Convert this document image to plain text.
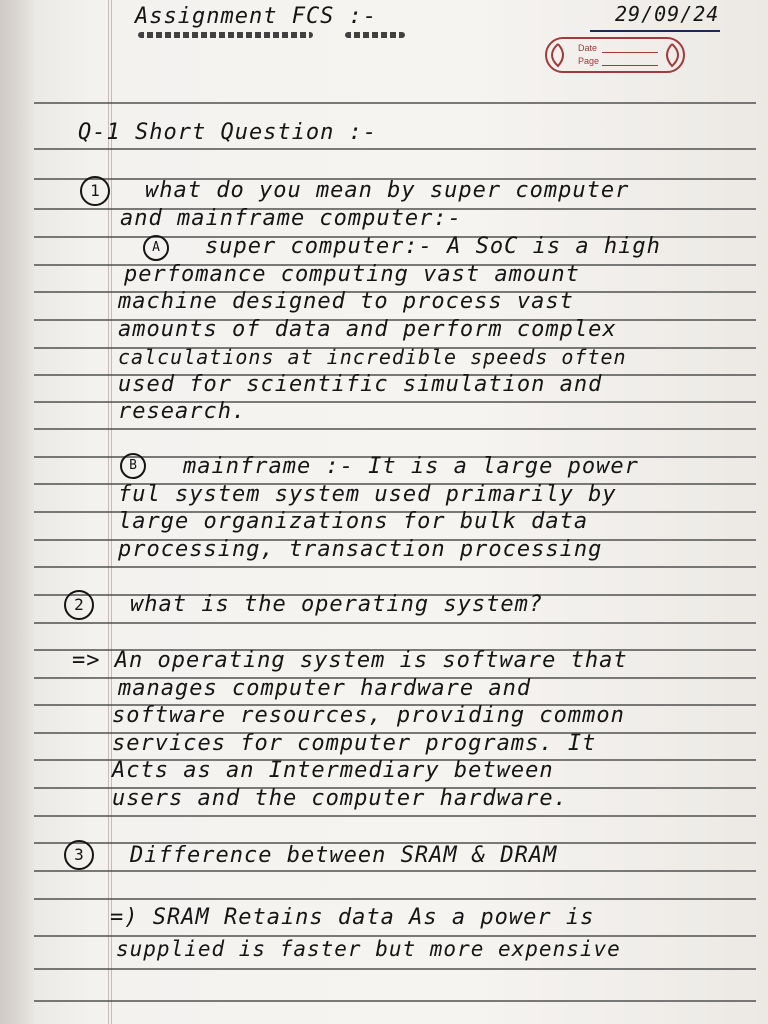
Assignment FCS :-	29/09/24
Date
Page
Q-1 Short Question :-
1	what do you mean by super computer
and mainframe computer:-
A	super computer:- A SoC is a high
perfomance computing vast amount
machine designed to process vast
amounts of data and perform complex
calculations at incredible speeds often
used for scientific simulation and
research.
B	mainframe :- It is a large power
ful system system used primarily by
large organizations for bulk data
processing, transaction processing
2	what is the operating system?
=> An operating system is software that
manages computer hardware and
software resources, providing common
services for computer programs. It
Acts as an Intermediary between
users and the computer hardware.
3	Difference between SRAM & DRAM
=) SRAM Retains data As a power is
supplied is faster but more expensive
